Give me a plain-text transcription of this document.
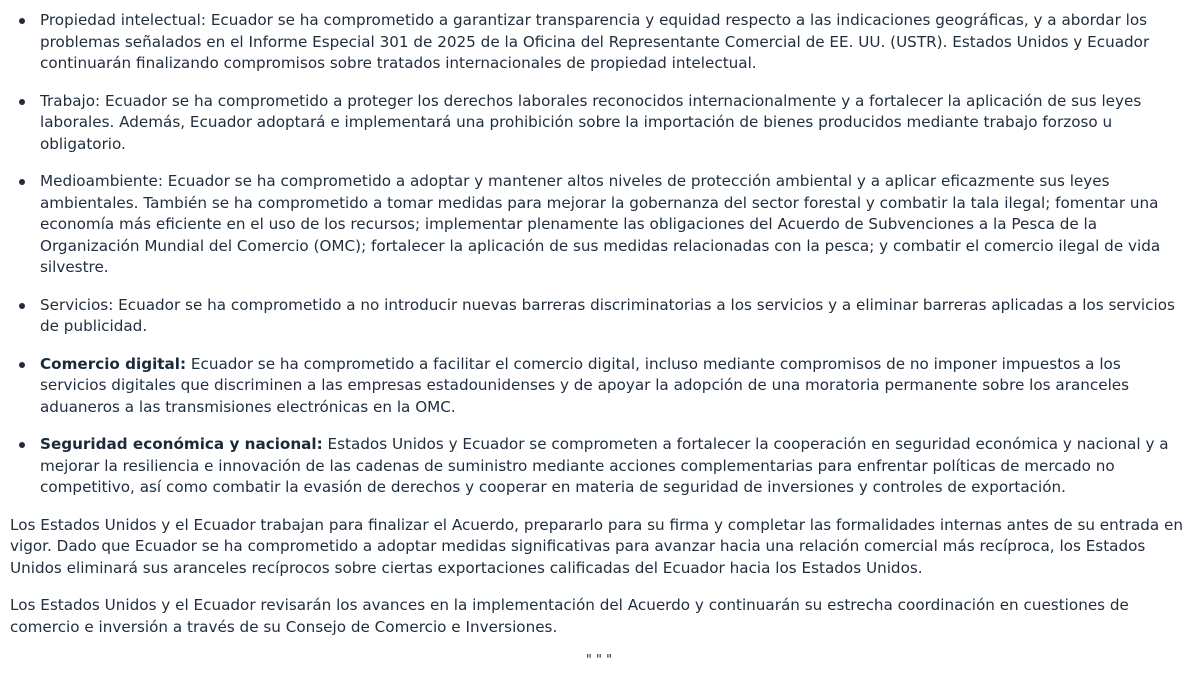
Propiedad intelectual: Ecuador se ha comprometido a garantizar transparencia y equidad respecto a las indicaciones geográficas, y a abordar los problemas señalados en el Informe Especial 301 de 2025 de la Oficina del Representante Comercial de EE. UU. (USTR). Estados Unidos y Ecuador continuarán finalizando compromisos sobre tratados internacionales de propiedad intelectual.
Trabajo: Ecuador se ha comprometido a proteger los derechos laborales reconocidos internacionalmente y a fortalecer la aplicación de sus leyes laborales. Además, Ecuador adoptará e implementará una prohibición sobre la importación de bienes producidos mediante trabajo forzoso u obligatorio.
Medioambiente: Ecuador se ha comprometido a adoptar y mantener altos niveles de protección ambiental y a aplicar eficazmente sus leyes ambientales. También se ha comprometido a tomar medidas para mejorar la gobernanza del sector forestal y combatir la tala ilegal; fomentar una economía más eficiente en el uso de los recursos; implementar plenamente las obligaciones del Acuerdo de Subvenciones a la Pesca de la Organización Mundial del Comercio (OMC); fortalecer la aplicación de sus medidas relacionadas con la pesca; y combatir el comercio ilegal de vida silvestre.
Servicios: Ecuador se ha comprometido a no introducir nuevas barreras discriminatorias a los servicios y a eliminar barreras aplicadas a los servicios de publicidad.
Comercio digital: Ecuador se ha comprometido a facilitar el comercio digital, incluso mediante compromisos de no imponer impuestos a los servicios digitales que discriminen a las empresas estadounidenses y de apoyar la adopción de una moratoria permanente sobre los aranceles aduaneros a las transmisiones electrónicas en la OMC.
Seguridad económica y nacional: Estados Unidos y Ecuador se comprometen a fortalecer la cooperación en seguridad económica y nacional y a mejorar la resiliencia e innovación de las cadenas de suministro mediante acciones complementarias para enfrentar políticas de mercado no competitivo, así como combatir la evasión de derechos y cooperar en materia de seguridad de inversiones y controles de exportación.

Los Estados Unidos y el Ecuador trabajan para finalizar el Acuerdo, prepararlo para su firma y completar las formalidades internas antes de su entrada en vigor. Dado que Ecuador se ha comprometido a adoptar medidas significativas para avanzar hacia una relación comercial más recíproca, los Estados Unidos eliminará sus aranceles recíprocos sobre ciertas exportaciones calificadas del Ecuador hacia los Estados Unidos.

Los Estados Unidos y el Ecuador revisarán los avances en la implementación del Acuerdo y continuarán su estrecha coordinación en cuestiones de comercio e inversión a través de su Consejo de Comercio e Inversiones.

" " "
